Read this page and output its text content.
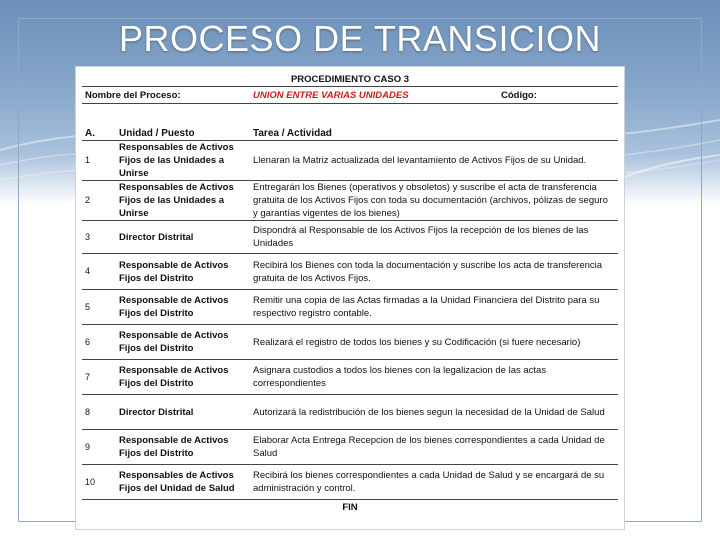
PROCESO DE TRANSICION
PROCEDIMIENTO CASO 3			
Nombre del Proceso:		UNION ENTRE VARIAS UNIDADES	Código:

A.	Unidad / Puesto	Tarea / Actividad	
1	Responsables de Activos Fijos de las Unidades a Unirse	Llenaran la Matriz actualizada del levantamiento de Activos Fijos de su Unidad.	
2	Responsables de Activos Fijos de las Unidades a Unirse	Entregarán los Bienes (operativos y obsoletos) y suscribe el acta de transferencia gratuita de los Activos Fijos con toda su documentación (archivos, pólizas de seguro y garantías vigentes de los bienes)	
3	Director Distrital	Dispondrá al Responsable de los Activos Fijos la recepción de los bienes de las Unidades	
4	Responsable de Activos Fijos del Distrito	Recibirá los Bienes con toda la documentación y suscribe los acta de transferencia gratuita de los Activos Fijos.	
5	Responsable de Activos Fijos del Distrito	Remitir una copia de las Actas firmadas a la Unidad Financiera del Distrito para su respectivo registro contable.	
6	Responsable de Activos Fijos del Distrito	Realizará el registro de todos los bienes y su Codificación (si fuere necesario)	
7	Responsable de Activos Fijos del Distrito	Asignara custodios a todos los bienes con la legalizacion de las actas correspondientes	
8	Director Distrital	Autorizará la redistribución de los bienes segun la necesidad de la Unidad de Salud	
9	Responsable de Activos Fijos del Distrito	Elaborar Acta Entrega Recepcion de los bienes correspondientes a cada Unidad de Salud	
10	Responsables de Activos Fijos del Unidad de Salud	Recibirá los bienes correspondientes a cada Unidad de Salud y se encargará de su administración y control.	
FIN			
